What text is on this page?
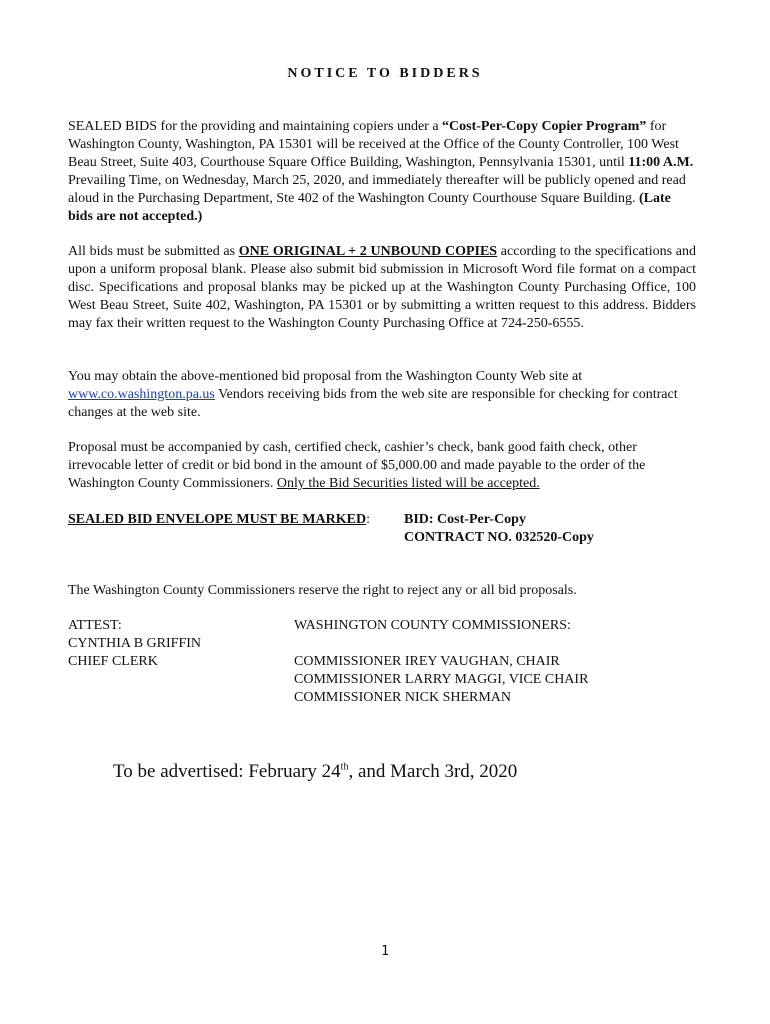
NOTICE TO BIDDERS
SEALED BIDS for the providing and maintaining copiers under a “Cost-Per-Copy Copier Program” for Washington County, Washington, PA 15301 will be received at the Office of the County Controller, 100 West Beau Street, Suite 403, Courthouse Square Office Building, Washington, Pennsylvania 15301, until 11:00 A.M. Prevailing Time, on Wednesday, March 25, 2020, and immediately thereafter will be publicly opened and read aloud in the Purchasing Department, Ste 402 of the Washington County Courthouse Square Building. (Late bids are not accepted.)
All bids must be submitted as ONE ORIGINAL + 2 UNBOUND COPIES according to the specifications and upon a uniform proposal blank. Please also submit bid submission in Microsoft Word file format on a compact disc. Specifications and proposal blanks may be picked up at the Washington County Purchasing Office, 100 West Beau Street, Suite 402, Washington, PA 15301 or by submitting a written request to this address. Bidders may fax their written request to the Washington County Purchasing Office at 724-250-6555.
You may obtain the above-mentioned bid proposal from the Washington County Web site at www.co.washington.pa.us Vendors receiving bids from the web site are responsible for checking for contract changes at the web site.
Proposal must be accompanied by cash, certified check, cashier’s check, bank good faith check, other irrevocable letter of credit or bid bond in the amount of $5,000.00 and made payable to the order of the Washington County Commissioners. Only the Bid Securities listed will be accepted.
SEALED BID ENVELOPE MUST BE MARKED: BID: Cost-Per-Copy
CONTRACT NO. 032520-Copy
The Washington County Commissioners reserve the right to reject any or all bid proposals.
ATTEST:
CYNTHIA B GRIFFIN
CHIEF CLERK
WASHINGTON COUNTY COMMISSIONERS:
COMMISSIONER IREY VAUGHAN, CHAIR
COMMISSIONER LARRY MAGGI, VICE CHAIR
COMMISSIONER NICK SHERMAN
To be advertised: February 24th, and March 3rd, 2020
1
